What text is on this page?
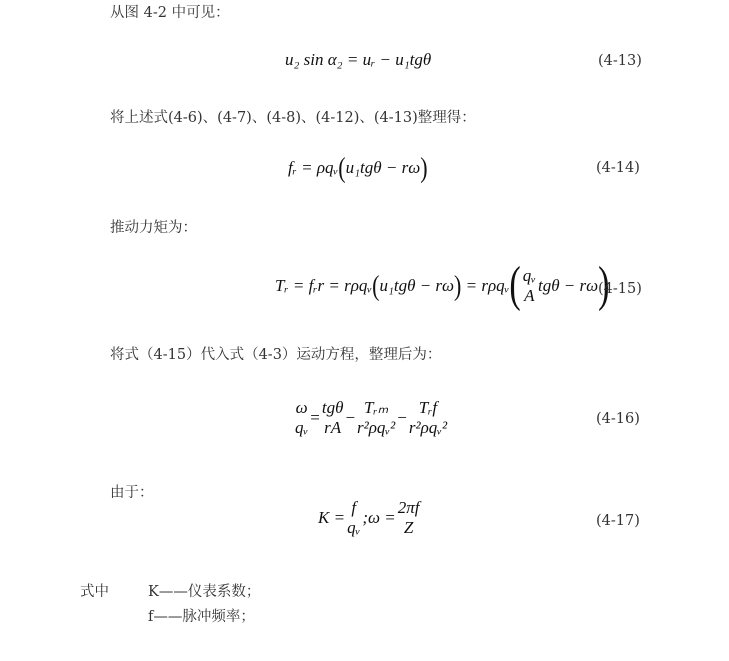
从图 4-2 中可见：
u₂ sin α₂
= uᵣ − u₁tgθ	(4-13)
将上述式(4-6)、(4-7)、(4-8)、(4-12)、(4-13)整理得：
fᵣ = ρqᵥ ( u₁tgθ − rω )	(4-14)
推动力矩为：
Tᵣ = fᵣr = rρqᵥ ( u₁tgθ − rω )
= rρqᵥ ( qᵥ
A
tgθ − rω )
(4-15)
将式（4-15）代入式（4-3）运动方程，整理后为：
ω
qᵥ
=
tgθ
rA
−
Tᵣₘ
r²ρqᵥ²
−
Tᵣf
r²ρqᵥ²	(4-16)
由于：
K =
f
qᵥ
;ω =
2πf
Z	(4-17)
式中	K——仪表系数；
f——脉冲频率；
